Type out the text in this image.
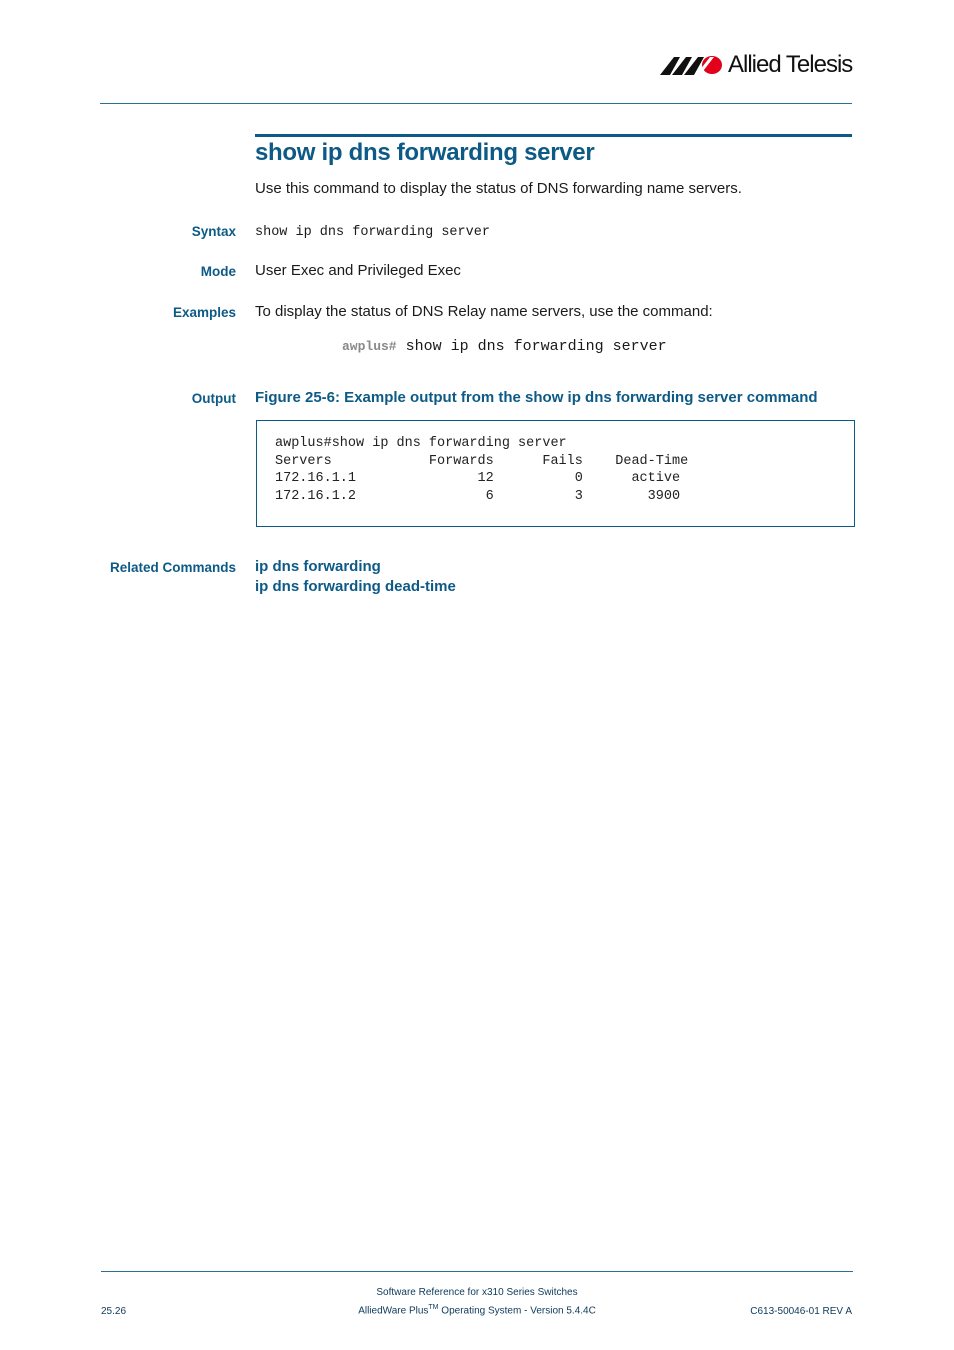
Allied Telesis
show ip dns forwarding server
Use this command to display the status of DNS forwarding name servers.
Syntax show ip dns forwarding server
Mode User Exec and Privileged Exec
Examples To display the status of DNS Relay name servers, use the command:
awplus# show ip dns forwarding server
Output Figure 25-6: Example output from the show ip dns forwarding server command
awplus#show ip dns forwarding server
Servers            Forwards      Fails    Dead-Time
172.16.1.1               12          0      active
172.16.1.2                6          3        3900
Related Commands ip dns forwarding
ip dns forwarding dead-time
Software Reference for x310 Series Switches
AlliedWare Plus™ Operating System - Version 5.4.4C
25.26	C613-50046-01 REV A
